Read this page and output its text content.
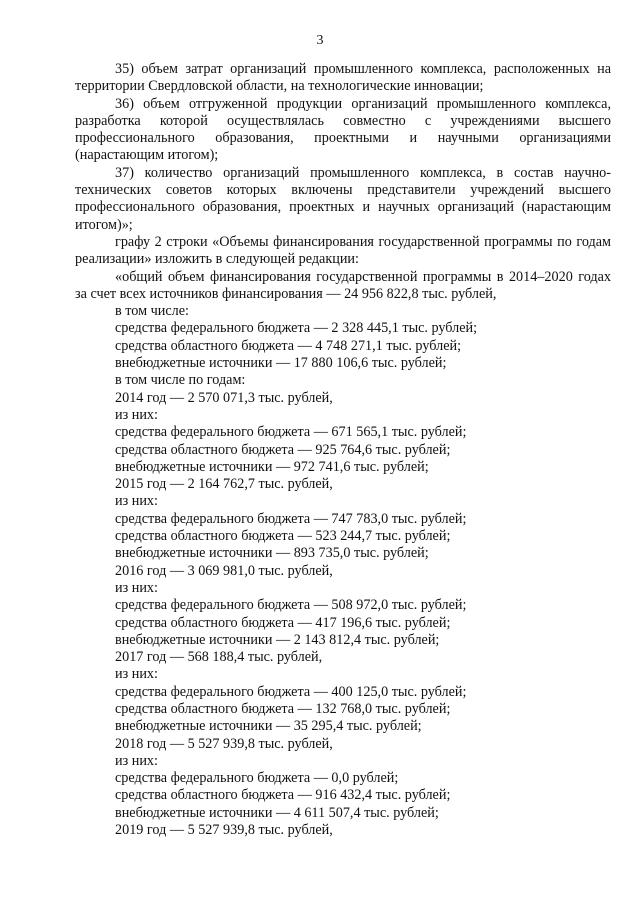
3

35) объем затрат организаций промышленного комплекса, расположенных на территории Свердловской области, на технологические инновации;

36) объем отгруженной продукции организаций промышленного комплекса, разработка которой осуществлялась совместно с учреждениями высшего профессионального образования, проектными и научными организациями (нарастающим итогом);

37) количество организаций промышленного комплекса, в состав научно-технических советов которых включены представители учреждений высшего профессионального образования, проектных и научных организаций (нарастающим итогом)»;

графу 2 строки «Объемы финансирования государственной программы по годам реализации» изложить в следующей редакции:

«общий объем финансирования государственной программы в 2014–2020 годах за счет всех источников финансирования — 24 956 822,8 тыс. рублей,

в том числе:
средства федерального бюджета — 2 328 445,1 тыс. рублей;
средства областного бюджета — 4 748 271,1 тыс. рублей;
внебюджетные источники — 17 880 106,6 тыс. рублей;
в том числе по годам:
2014 год — 2 570 071,3 тыс. рублей,
из них:
средства федерального бюджета — 671 565,1 тыс. рублей;
средства областного бюджета — 925 764,6 тыс. рублей;
внебюджетные источники — 972 741,6 тыс. рублей;
2015 год — 2 164 762,7 тыс. рублей,
из них:
средства федерального бюджета — 747 783,0 тыс. рублей;
средства областного бюджета — 523 244,7 тыс. рублей;
внебюджетные источники — 893 735,0 тыс. рублей;
2016 год — 3 069 981,0 тыс. рублей,
из них:
средства федерального бюджета — 508 972,0 тыс. рублей;
средства областного бюджета — 417 196,6 тыс. рублей;
внебюджетные источники — 2 143 812,4 тыс. рублей;
2017 год — 568 188,4 тыс. рублей,
из них:
средства федерального бюджета — 400 125,0 тыс. рублей;
средства областного бюджета — 132 768,0 тыс. рублей;
внебюджетные источники — 35 295,4 тыс. рублей;
2018 год — 5 527 939,8 тыс. рублей,
из них:
средства федерального бюджета — 0,0 рублей;
средства областного бюджета — 916 432,4 тыс. рублей;
внебюджетные источники — 4 611 507,4 тыс. рублей;
2019 год — 5 527 939,8 тыс. рублей,
